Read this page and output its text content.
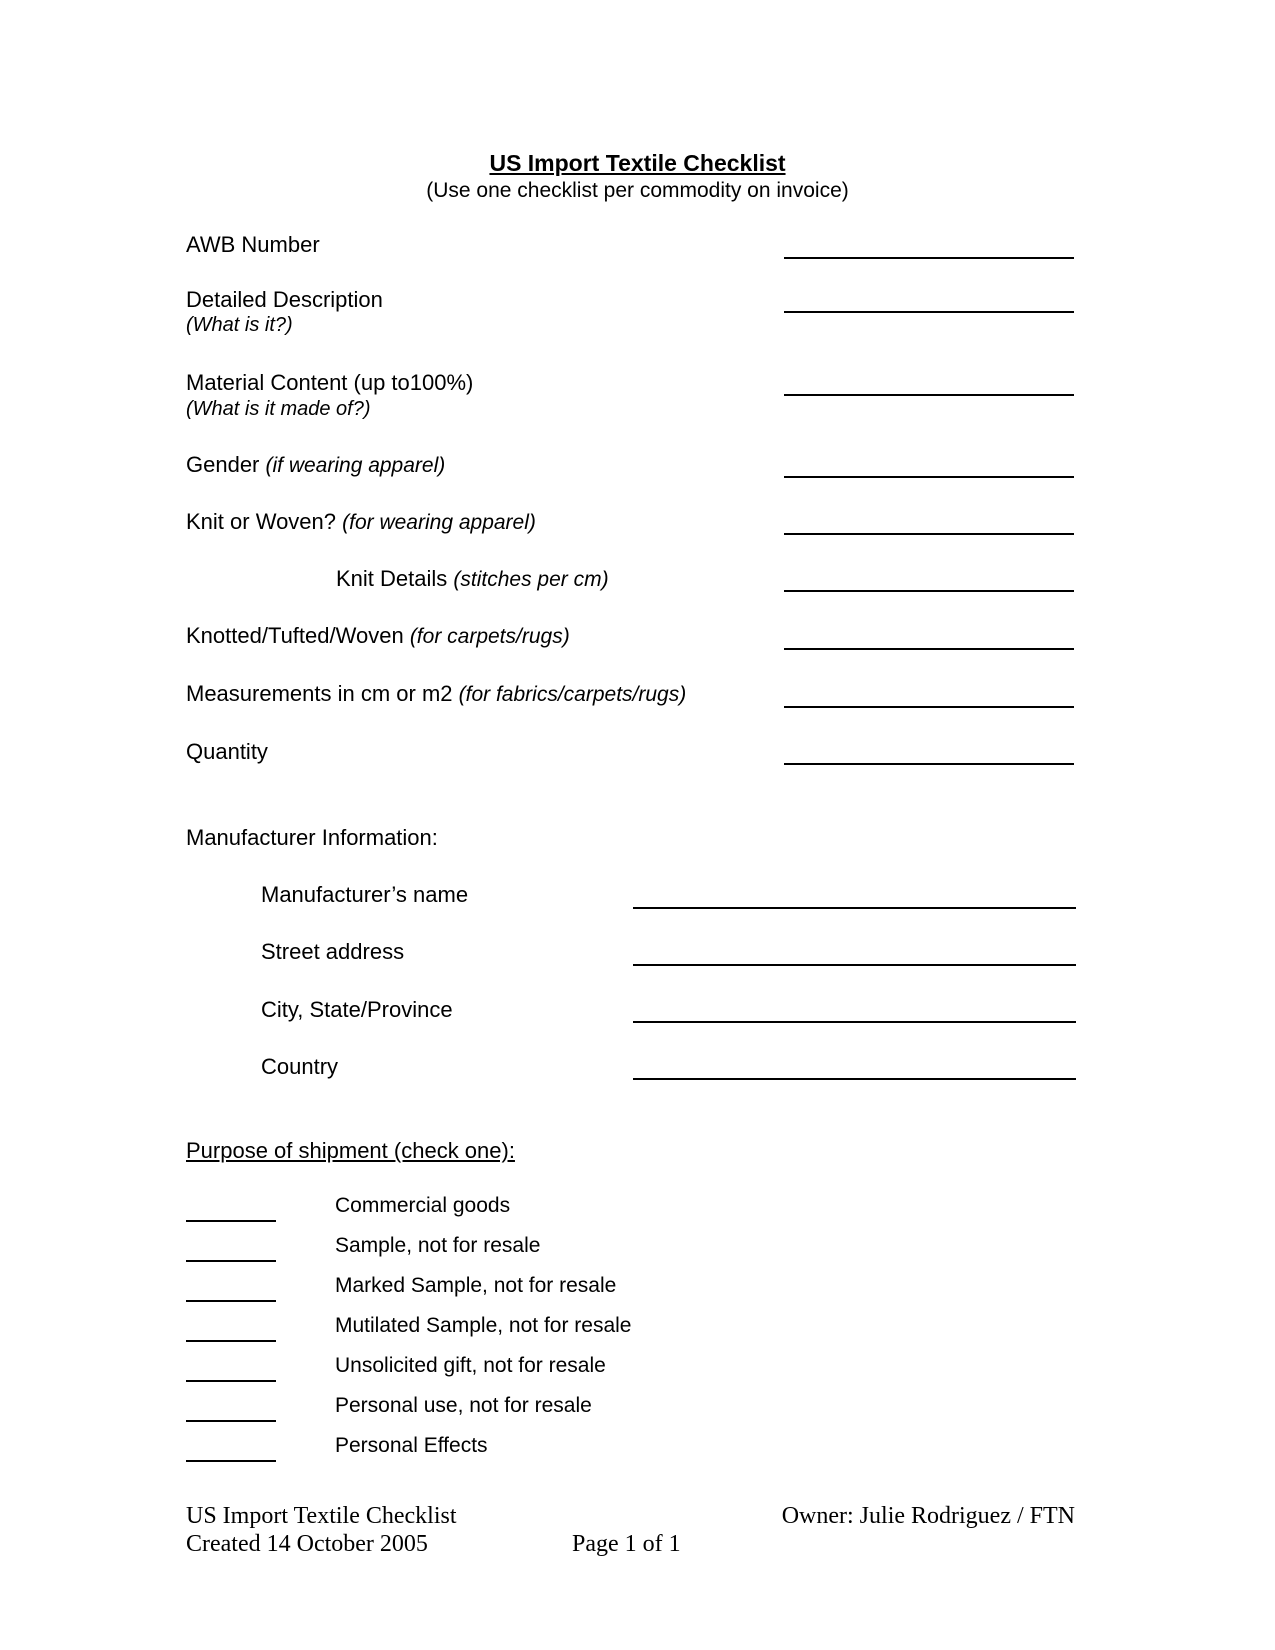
US Import Textile Checklist
(Use one checklist per commodity on invoice)
AWB Number
Detailed Description
(What is it?)
Material Content (up to100%)
(What is it made of?)
Gender (if wearing apparel)
Knit or Woven? (for wearing apparel)
Knit Details (stitches per cm)
Knotted/Tufted/Woven (for carpets/rugs)
Measurements in cm or m2 (for fabrics/carpets/rugs)
Quantity
Manufacturer Information:
Manufacturer’s name
Street address
City, State/Province
Country
Purpose of shipment (check one):
Commercial goods
Sample, not for resale
Marked Sample, not for resale
Mutilated Sample, not for resale
Unsolicited gift, not for resale
Personal use, not for resale
Personal Effects
US Import Textile Checklist
Created 14 October 2005	Page 1 of 1
Owner: Julie Rodriguez / FTN
